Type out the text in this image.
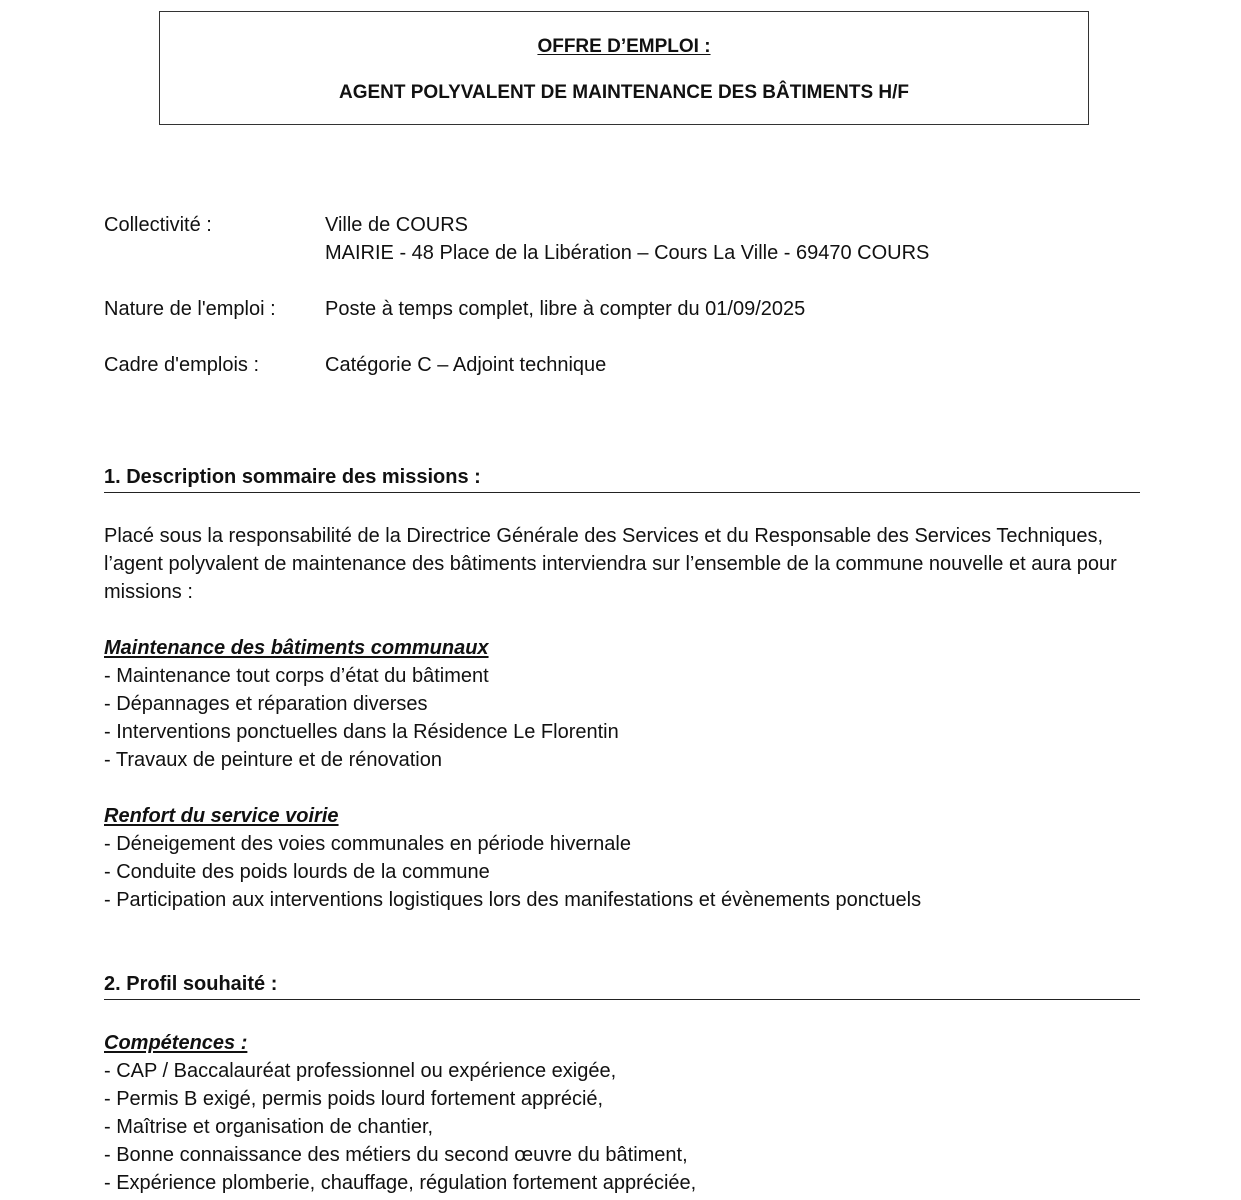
OFFRE D’EMPLOI :
AGENT POLYVALENT DE MAINTENANCE DES BÂTIMENTS H/F
Collectivité :	Ville de COURS
MAIRIE - 48 Place de la Libération – Cours La Ville - 69470 COURS
Nature de l'emploi : Poste à temps complet, libre à compter du 01/09/2025
Cadre d'emplois :	Catégorie C – Adjoint technique
1. Description sommaire des missions :
Placé sous la responsabilité de la Directrice Générale des Services et du Responsable des Services Techniques, l’agent polyvalent de maintenance des bâtiments interviendra sur l’ensemble de la commune nouvelle et aura pour missions :
Maintenance des bâtiments communaux
- Maintenance tout corps d’état du bâtiment
- Dépannages et réparation diverses
- Interventions ponctuelles dans la Résidence Le Florentin
- Travaux de peinture et de rénovation
Renfort du service voirie
- Déneigement des voies communales en période hivernale
- Conduite des poids lourds de la commune
- Participation aux interventions logistiques lors des manifestations et évènements ponctuels
2. Profil souhaité :
Compétences :
- CAP / Baccalauréat professionnel ou expérience exigée,
- Permis B exigé, permis poids lourd fortement apprécié,
- Maîtrise et organisation de chantier,
- Bonne connaissance des métiers du second œuvre du bâtiment,
- Expérience plomberie, chauffage, régulation fortement appréciée,
